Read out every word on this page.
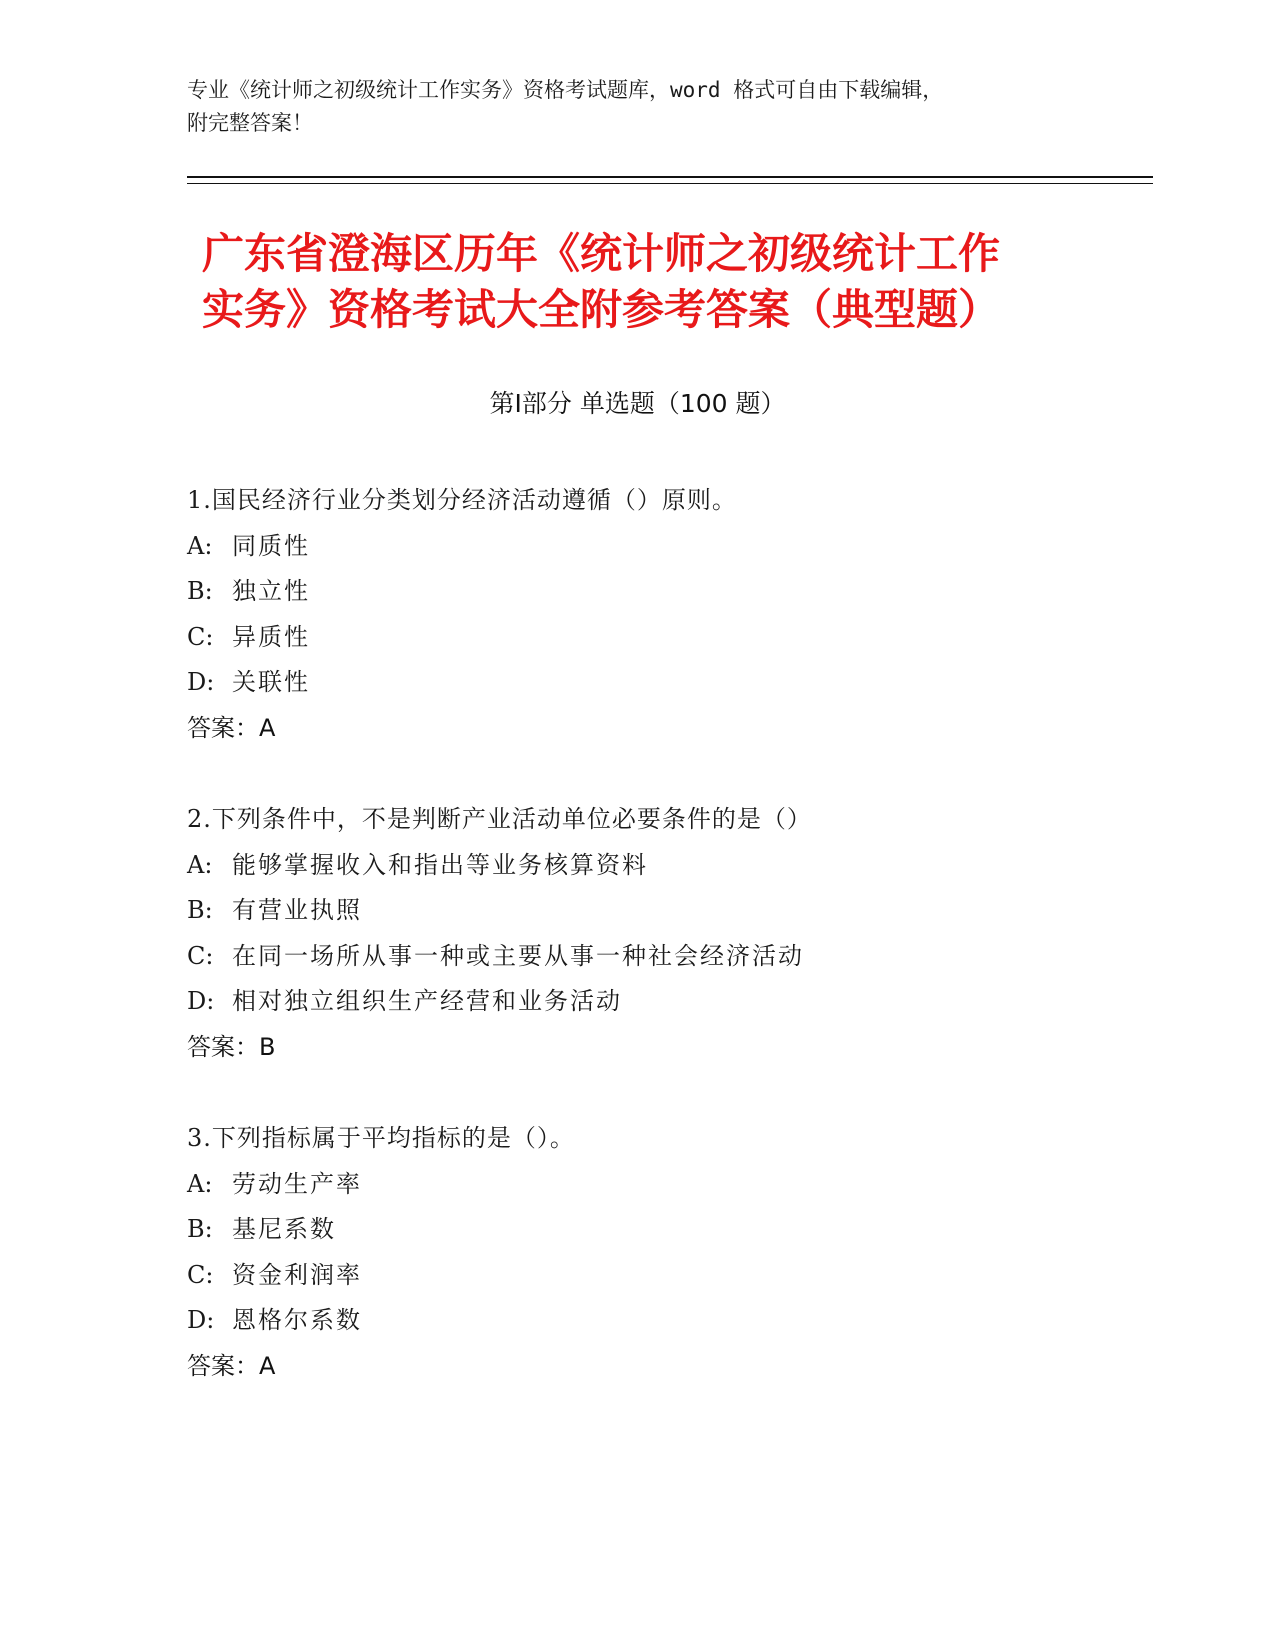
专业《统计师之初级统计工作实务》资格考试题库，word 格式可自由下载编辑，
附完整答案！
广东省澄海区历年《统计师之初级统计工作
实务》资格考试大全附参考答案（典型题）
第Ⅰ部分 单选题（100 题）
1.国民经济行业分类划分经济活动遵循（）原则。
A: 同质性
B: 独立性
C: 异质性
D: 关联性
答案：A
2.下列条件中，不是判断产业活动单位必要条件的是（）
A: 能够掌握收入和指出等业务核算资料
B: 有营业执照
C: 在同一场所从事一种或主要从事一种社会经济活动
D: 相对独立组织生产经营和业务活动
答案：B
3.下列指标属于平均指标的是（）。
A: 劳动生产率
B: 基尼系数
C: 资金利润率
D: 恩格尔系数
答案：A
